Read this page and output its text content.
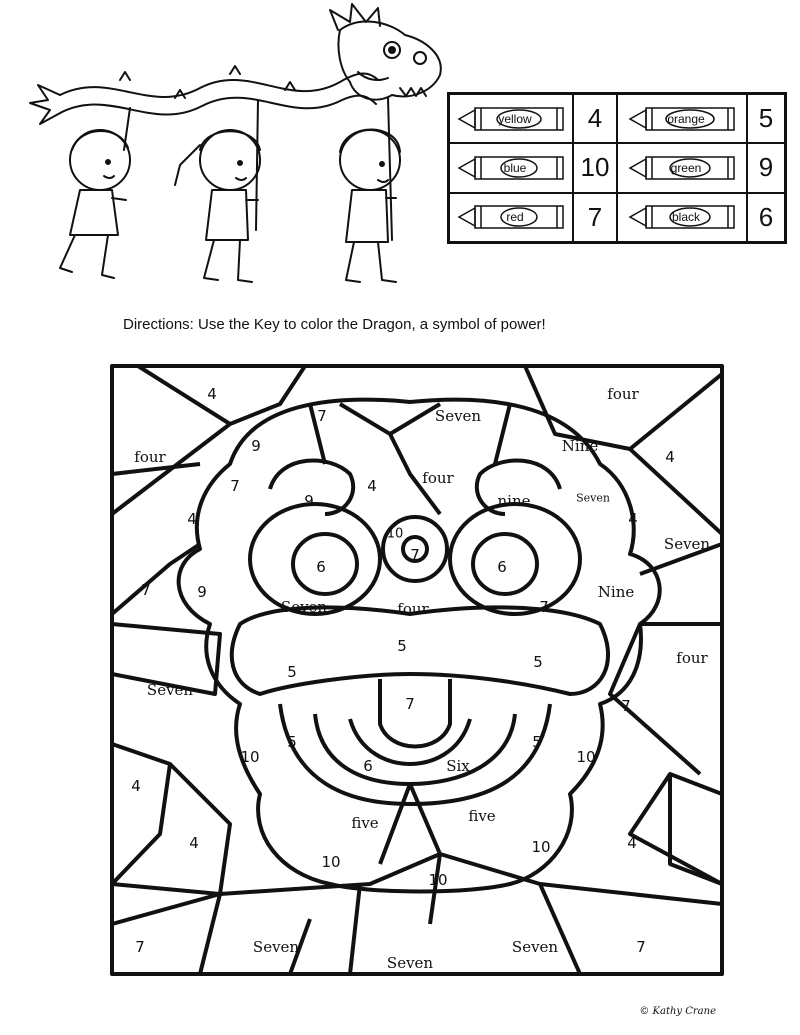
yellow	4	orange	5
blue 10	green	9
red	7	black	6
Directions: Use the Key to color the Dragon, a symbol of power!
4
7	Seven
four
four
9	Nine
4
7
9
4	four
nine	Seven
4
4
10
7
Seven
6	6
7	9	Nine
Seven	four	7
5
5
5	four
Seven
7	7
5	5
10	6	Six	10
4
five	five
4	4
10
10
10
7	Seven
Seven
Seven	7
© Kathy Crane
